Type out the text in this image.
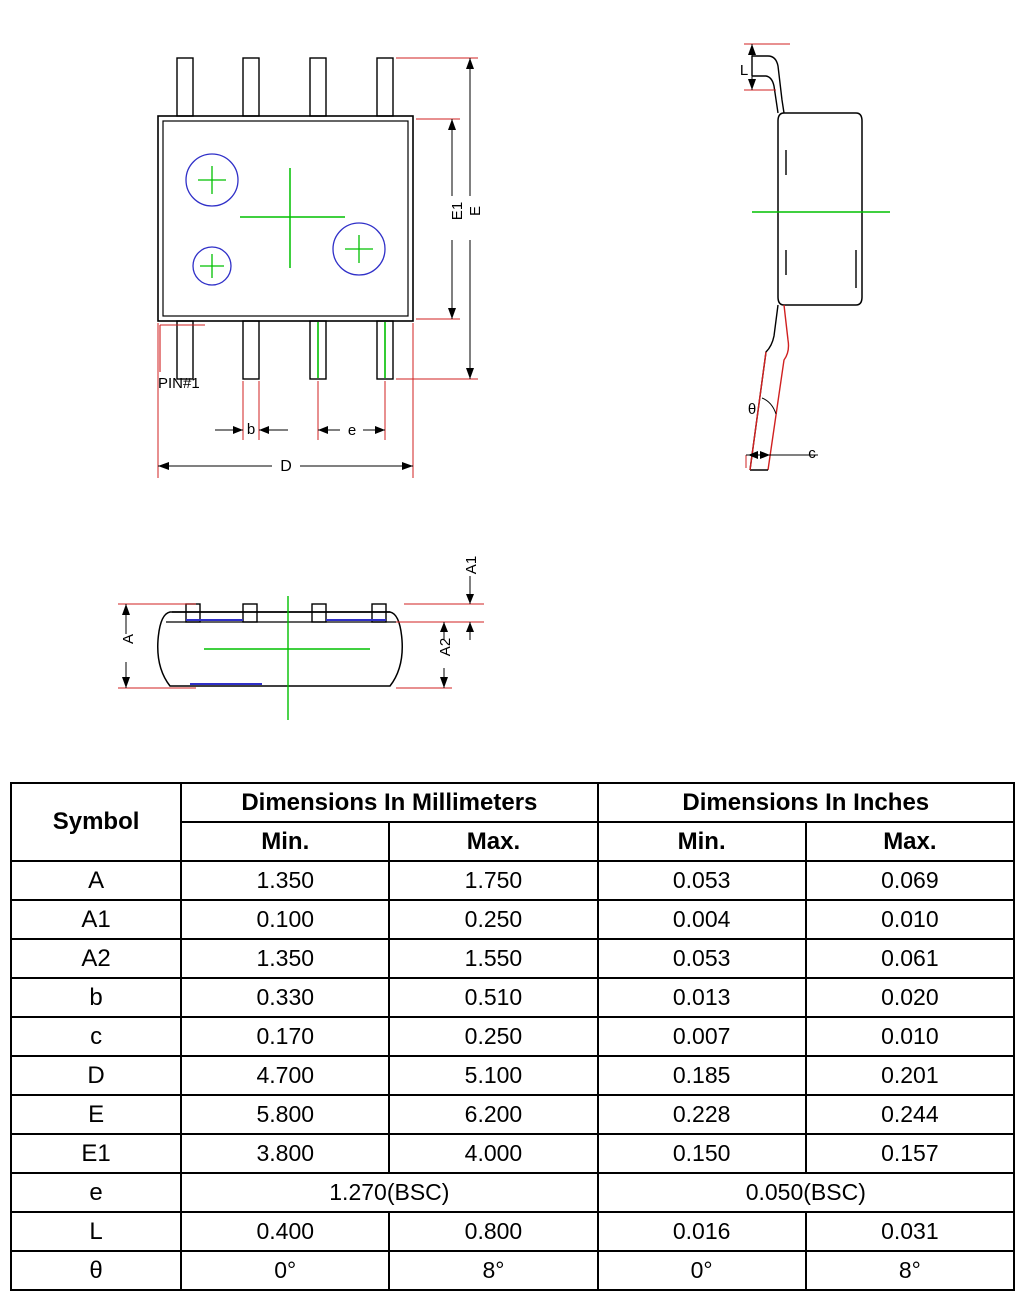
PIN#1
E1 E
b	e
D
L
θ
c
A
A1
A2
Symbol	Dimensions In Millimeters		Dimensions In Inches	
	Min.	Max.	Min.	Max.
A	1.350	1.750	0.053	0.069
A1	0.100	0.250	0.004	0.010
A2	1.350	1.550	0.053	0.061
b	0.330	0.510	0.013	0.020
c	0.170	0.250	0.007	0.010
D	4.700	5.100	0.185	0.201
E	5.800	6.200	0.228	0.244
E1	3.800	4.000	0.150	0.157
e	1.270(BSC)		0.050(BSC)	
L	0.400	0.800	0.016	0.031
θ	0°	8°	0°	8°
